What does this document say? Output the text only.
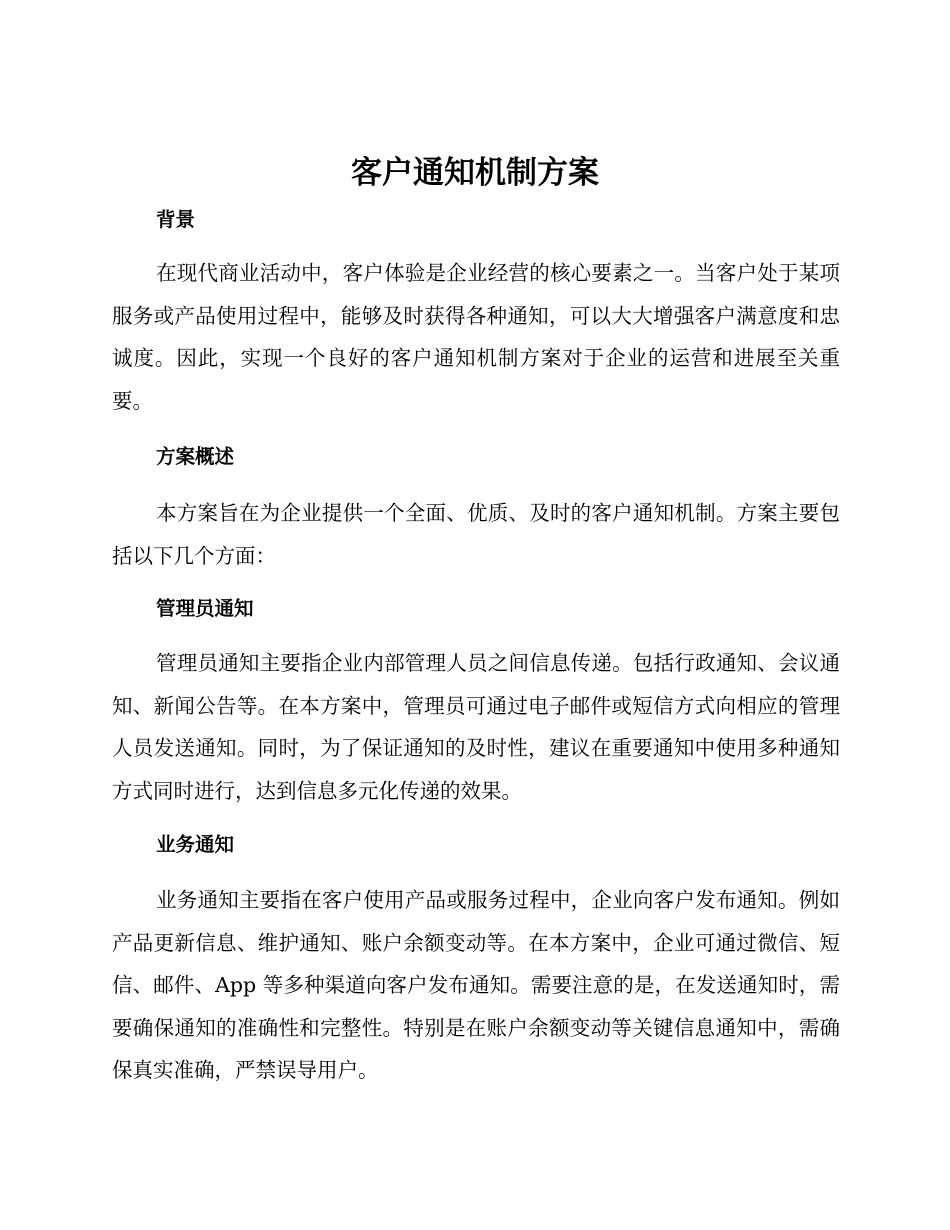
客户通知机制方案
背景

在现代商业活动中，客户体验是企业经营的核心要素之一。当客户处于某项服务或产品使用过程中，能够及时获得各种通知，可以大大增强客户满意度和忠诚度。因此，实现一个良好的客户通知机制方案对于企业的运营和进展至关重要。

方案概述

本方案旨在为企业提供一个全面、优质、及时的客户通知机制。方案主要包括以下几个方面：

管理员通知

管理员通知主要指企业内部管理人员之间信息传递。包括行政通知、会议通知、新闻公告等。在本方案中，管理员可通过电子邮件或短信方式向相应的管理人员发送通知。同时，为了保证通知的及时性，建议在重要通知中使用多种通知方式同时进行，达到信息多元化传递的效果。

业务通知

业务通知主要指在客户使用产品或服务过程中，企业向客户发布通知。例如产品更新信息、维护通知、账户余额变动等。在本方案中，企业可通过微信、短信、邮件、App 等多种渠道向客户发布通知。需要注意的是，在发送通知时，需要确保通知的准确性和完整性。特别是在账户余额变动等关键信息通知中，需确保真实准确，严禁误导用户。
